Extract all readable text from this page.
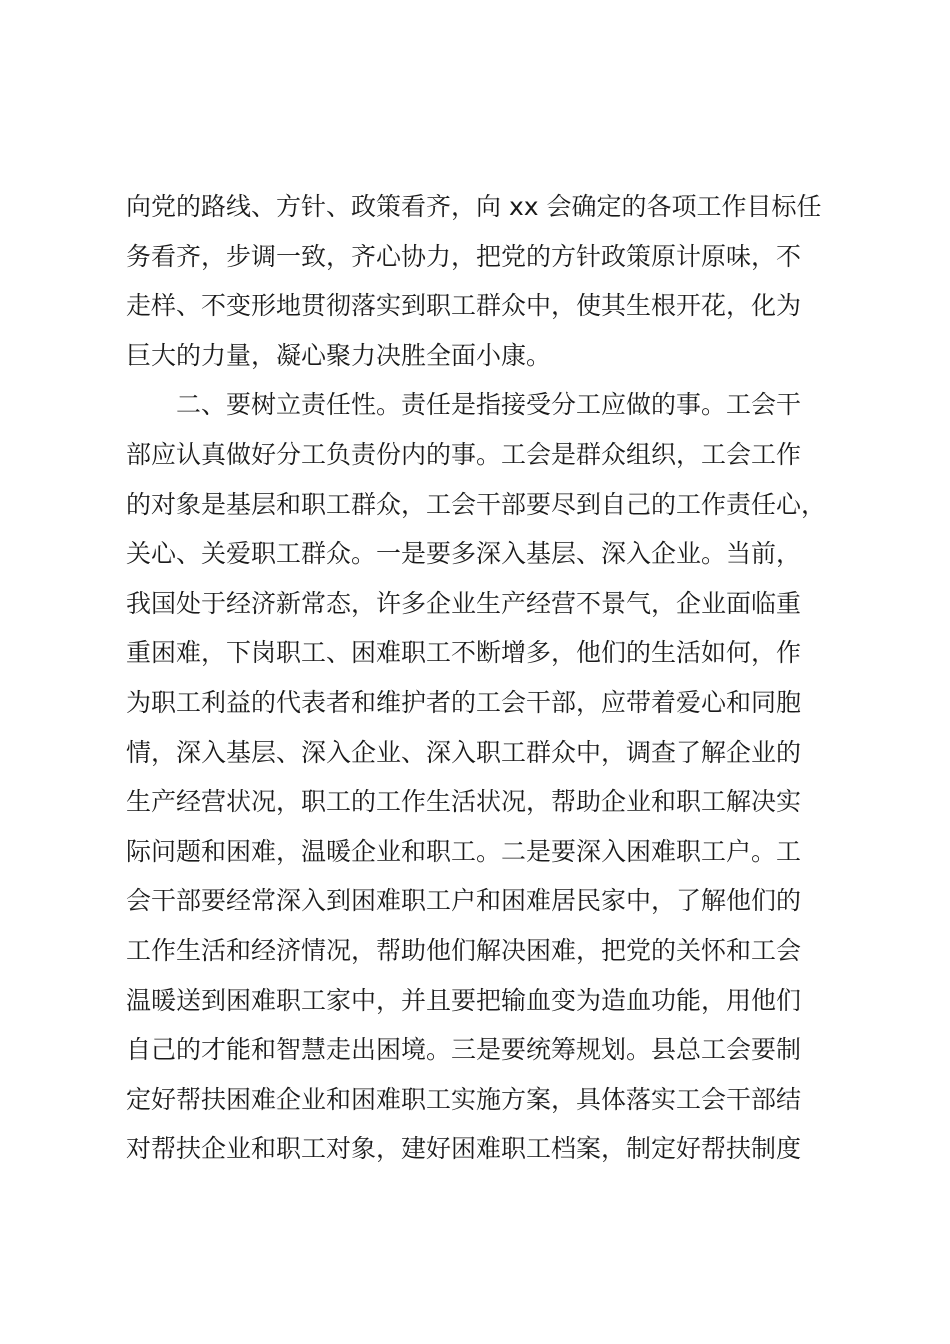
向党的路线、方针、政策看齐，向 xx 会确定的各项工作目标任
务看齐，步调一致，齐心协力，把党的方针政策原计原味，不
走样、不变形地贯彻落实到职工群众中，使其生根开花，化为
巨大的力量，凝心聚力决胜全面小康。
二、要树立责任性。责任是指接受分工应做的事。工会干
部应认真做好分工负责份内的事。工会是群众组织，工会工作
的对象是基层和职工群众，工会干部要尽到自己的工作责任心，
关心、关爱职工群众。一是要多深入基层、深入企业。当前，
我国处于经济新常态，许多企业生产经营不景气，企业面临重
重困难，下岗职工、困难职工不断增多，他们的生活如何，作
为职工利益的代表者和维护者的工会干部，应带着爱心和同胞
情，深入基层、深入企业、深入职工群众中，调查了解企业的
生产经营状况，职工的工作生活状况，帮助企业和职工解决实
际问题和困难，温暖企业和职工。二是要深入困难职工户。工
会干部要经常深入到困难职工户和困难居民家中，了解他们的
工作生活和经济情况，帮助他们解决困难，把党的关怀和工会
温暖送到困难职工家中，并且要把输血变为造血功能，用他们
自己的才能和智慧走出困境。三是要统筹规划。县总工会要制
定好帮扶困难企业和困难职工实施方案，具体落实工会干部结
对帮扶企业和职工对象，建好困难职工档案，制定好帮扶制度
